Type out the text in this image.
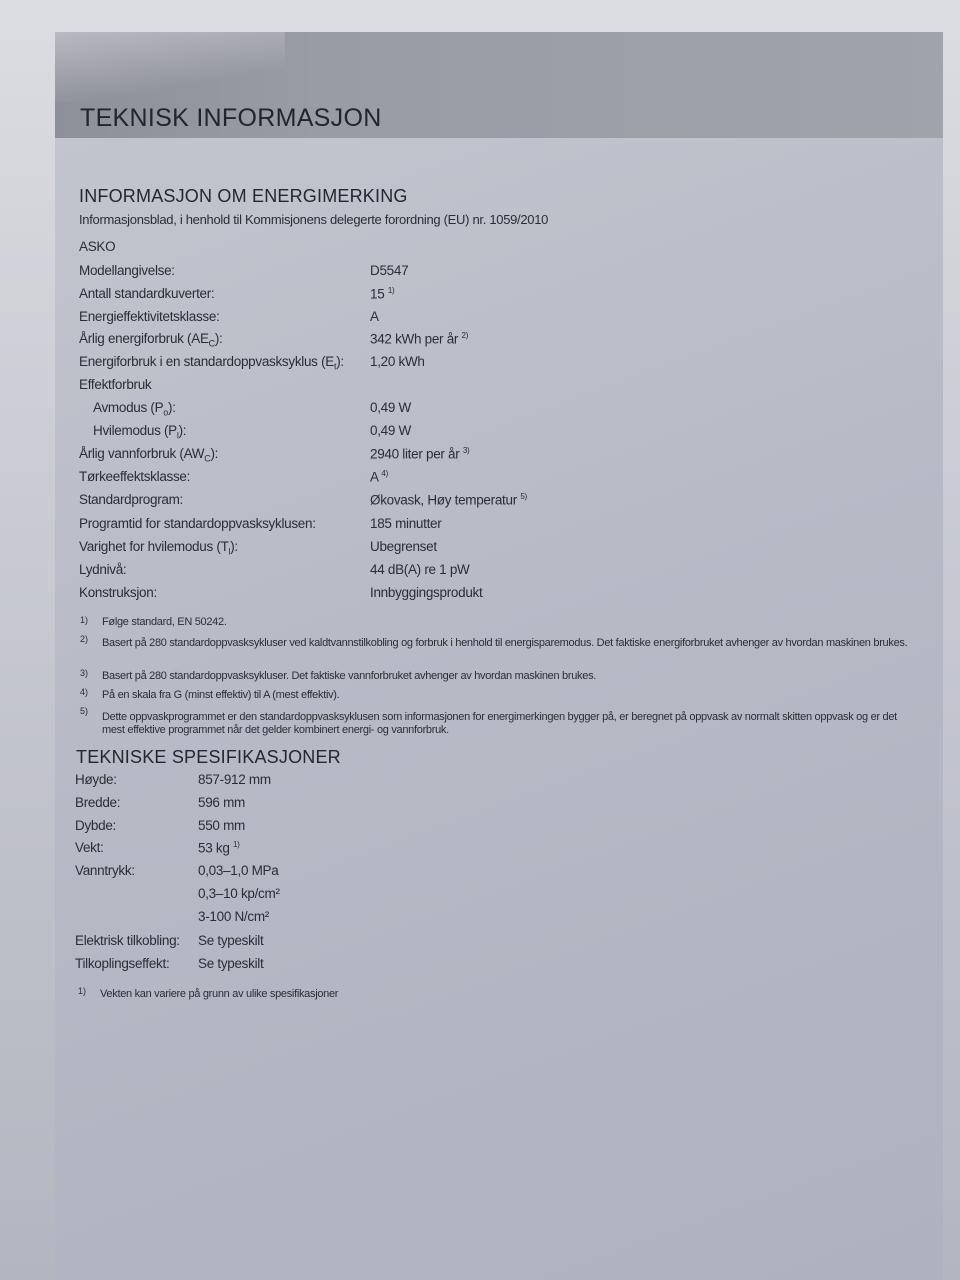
TEKNISK INFORMASJON
INFORMASJON OM ENERGIMERKING
Informasjonsblad, i henhold til Kommisjonens delegerte forordning (EU) nr. 1059/2010
ASKO
Modellangivelse:	D5547
Antall standardkuverter:	15 $^{1)}$
Energieffektivitetsklasse:	A
Årlig energiforbruk $(AE_C)$:	342 kWh per år $^{2)}$
Energiforbruk i en standardoppvasksyklus $(E_t)$: 1,20 kWh
Effektforbruk
Avmodus $(P_o)$:	0,49 W
Hvilemodus $(P_l)$:	0,49 W
Årlig vannforbruk $(AW_C)$:	2940 liter per år $^{3)}$
Tørkeeffektsklasse:	A $^{4)}$
Standardprogram:	Økovask, Høy temperatur $^{5)}$
Programtid for standardoppvasksyklusen:	185 minutter
Varighet for hvilemodus $(T_l)$:	Ubegrenset
Lydnivå:	44 dB(A) re 1 pW
Konstruksjon:	Innbyggingsprodukt
1) Følge standard, EN 50242.
2) Basert på 280 standardoppvasksykluser ved kaldtvannstilkobling og forbruk i henhold til energisparemodus. Det faktiske energiforbruket avhenger av hvordan maskinen brukes.
3) Basert på 280 standardoppvasksykluser. Det faktiske vannforbruket avhenger av hvordan maskinen brukes.
4) På en skala fra G (minst effektiv) til A (mest effektiv).
5) Dette oppvaskprogrammet er den standardoppvasksyklusen som informasjonen for energimerkingen bygger på, er beregnet på oppvask av normalt skitten oppvask og er det mest effektive programmet når det gelder kombinert energi- og vannforbruk.
TEKNISKE SPESIFIKASJONER
Høyde:	857-912 mm
Bredde:	596 mm
Dybde:	550 mm
Vekt:	53 kg $^{1)}$
Vanntrykk:	0,03–1,0 MPa
0,3–10 kp/cm²
3-100 N/cm²
Elektrisk tilkobling: Se typeskilt
Tilkoplingseffekt: Se typeskilt
1) Vekten kan variere på grunn av ulike spesifikasjoner
